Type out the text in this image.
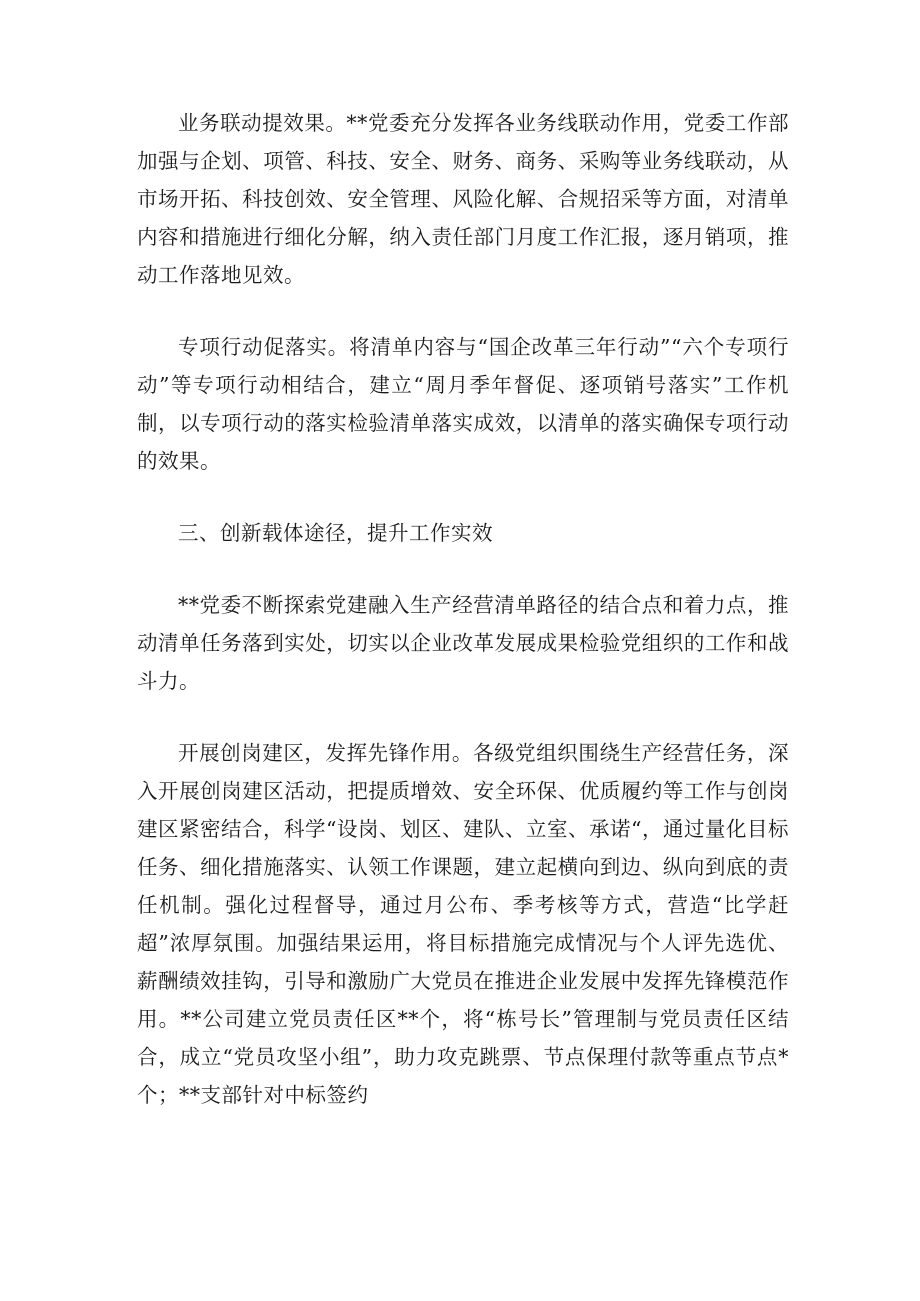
业务联动提效果。**党委充分发挥各业务线联动作用，党委工作部加强与企划、项管、科技、安全、财务、商务、采购等业务线联动，从市场开拓、科技创效、安全管理、风险化解、合规招采等方面，对清单内容和措施进行细化分解，纳入责任部门月度工作汇报，逐月销项，推动工作落地见效。

专项行动促落实。将清单内容与“国企改革三年行动”“六个专项行动”等专项行动相结合，建立“周月季年督促、逐项销号落实”工作机制，以专项行动的落实检验清单落实成效，以清单的落实确保专项行动的效果。

三、创新载体途径，提升工作实效

**党委不断探索党建融入生产经营清单路径的结合点和着力点，推动清单任务落到实处，切实以企业改革发展成果检验党组织的工作和战斗力。

开展创岗建区，发挥先锋作用。各级党组织围绕生产经营任务，深入开展创岗建区活动，把提质增效、安全环保、优质履约等工作与创岗建区紧密结合，科学“设岗、划区、建队、立室、承诺“，通过量化目标任务、细化措施落实、认领工作课题，建立起横向到边、纵向到底的责任机制。强化过程督导，通过月公布、季考核等方式，营造“比学赶超”浓厚氛围。加强结果运用，将目标措施完成情况与个人评先选优、薪酬绩效挂钩，引导和激励广大党员在推进企业发展中发挥先锋模范作用。**公司建立党员责任区**个，将“栋号长”管理制与党员责任区结合，成立“党员攻坚小组”，助力攻克跳票、节点保理付款等重点节点*个；**支部针对中标签约
